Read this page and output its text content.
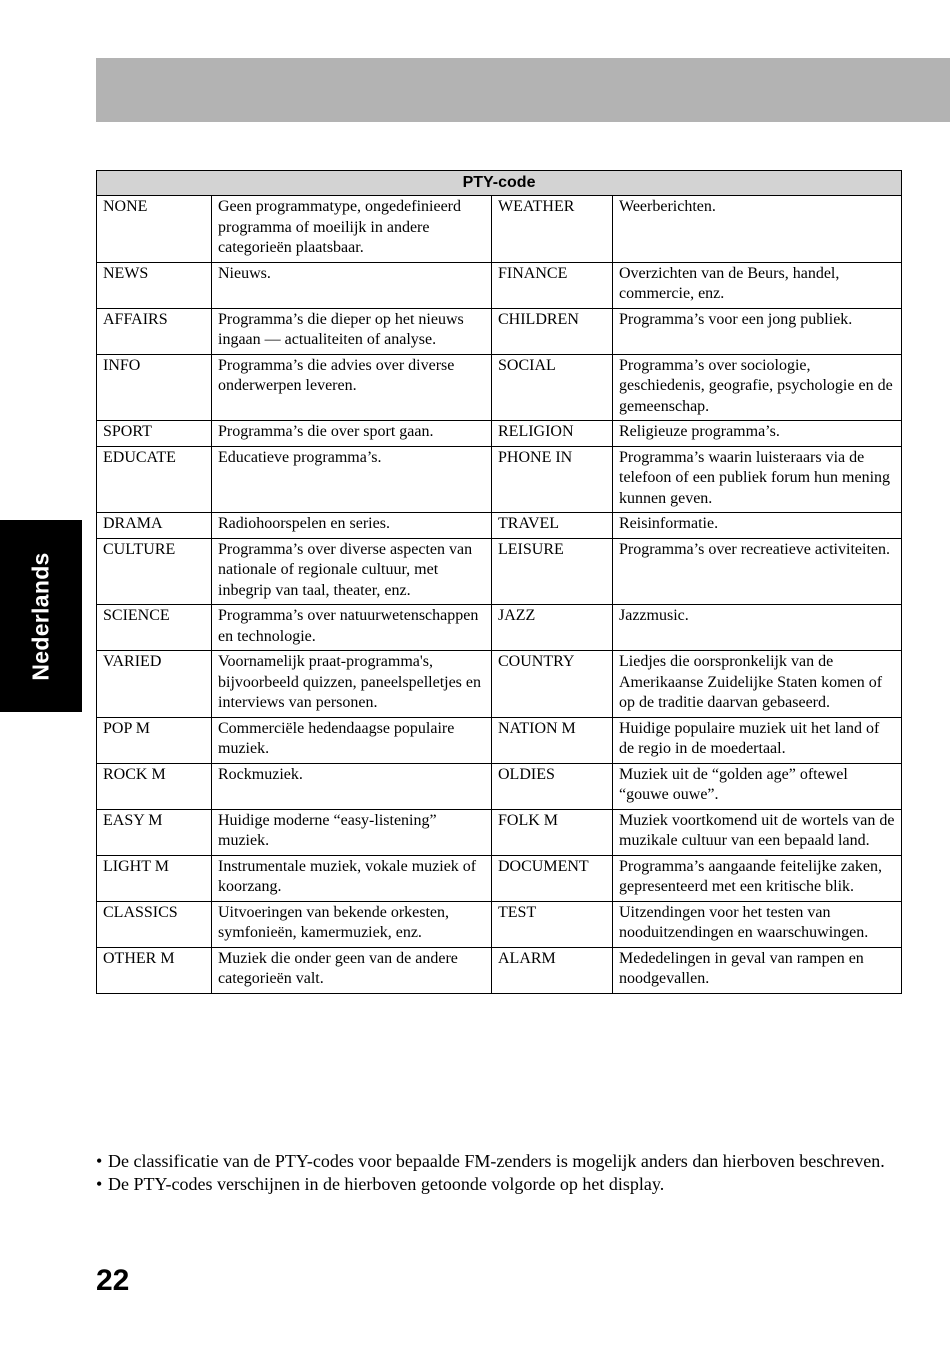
Nederlands
PTY-code			
NONE	Geen programmatype, ongedefinieerd programma of moeilijk in andere categorieën plaatsbaar.	WEATHER	Weerberichten.
NEWS	Nieuws.	FINANCE	Overzichten van de Beurs, handel, commercie, enz.
AFFAIRS	Programma’s die dieper op het nieuws ingaan — actualiteiten of analyse.	CHILDREN	Programma’s voor een jong publiek.
INFO	Programma’s die advies over diverse onderwerpen leveren.	SOCIAL	Programma’s over sociologie, geschiedenis, geografie, psychologie en de gemeenschap.
SPORT	Programma’s die over sport gaan.	RELIGION	Religieuze programma’s.
EDUCATE	Educatieve programma’s.	PHONE IN	Programma’s waarin luisteraars via de telefoon of een publiek forum hun mening kunnen geven.
DRAMA	Radiohoorspelen en series.	TRAVEL	Reisinformatie.
CULTURE	Programma’s over diverse aspecten van nationale of regionale cultuur, met inbegrip van taal, theater, enz.	LEISURE	Programma’s over recreatieve activiteiten.
SCIENCE	Programma’s over natuurwetenschappen en technologie.	JAZZ	Jazzmusic.
VARIED	Voornamelijk praat-programma's, bijvoorbeeld quizzen, paneelspelletjes en interviews van personen.	COUNTRY	Liedjes die oorspronkelijk van de Amerikaanse Zuidelijke Staten komen of op de traditie daarvan gebaseerd.
POP M	Commerciële hedendaagse populaire muziek.	NATION M	Huidige populaire muziek uit het land of de regio in de moedertaal.
ROCK M	Rockmuziek.	OLDIES	Muziek uit de “golden age” oftewel “gouwe ouwe”.
EASY M	Huidige moderne “easy-listening” muziek.	FOLK M	Muziek voortkomend uit de wortels van de muzikale cultuur van een bepaald land.
LIGHT M	Instrumentale muziek, vokale muziek of koorzang.	DOCUMENT	Programma’s aangaande feitelijke zaken, gepresenteerd met een kritische blik.
CLASSICS	Uitvoeringen van bekende orkesten, symfonieën, kamermuziek, enz.	TEST	Uitzendingen voor het testen van nooduitzendingen en waarschuwingen.
OTHER M	Muziek die onder geen van de andere categorieën valt.	ALARM	Mededelingen in geval van rampen en noodgevallen.
• De classificatie van de PTY-codes voor bepaalde FM-zenders is mogelijk anders dan hierboven beschreven.
• De PTY-codes verschijnen in de hierboven getoonde volgorde op het display.
22
